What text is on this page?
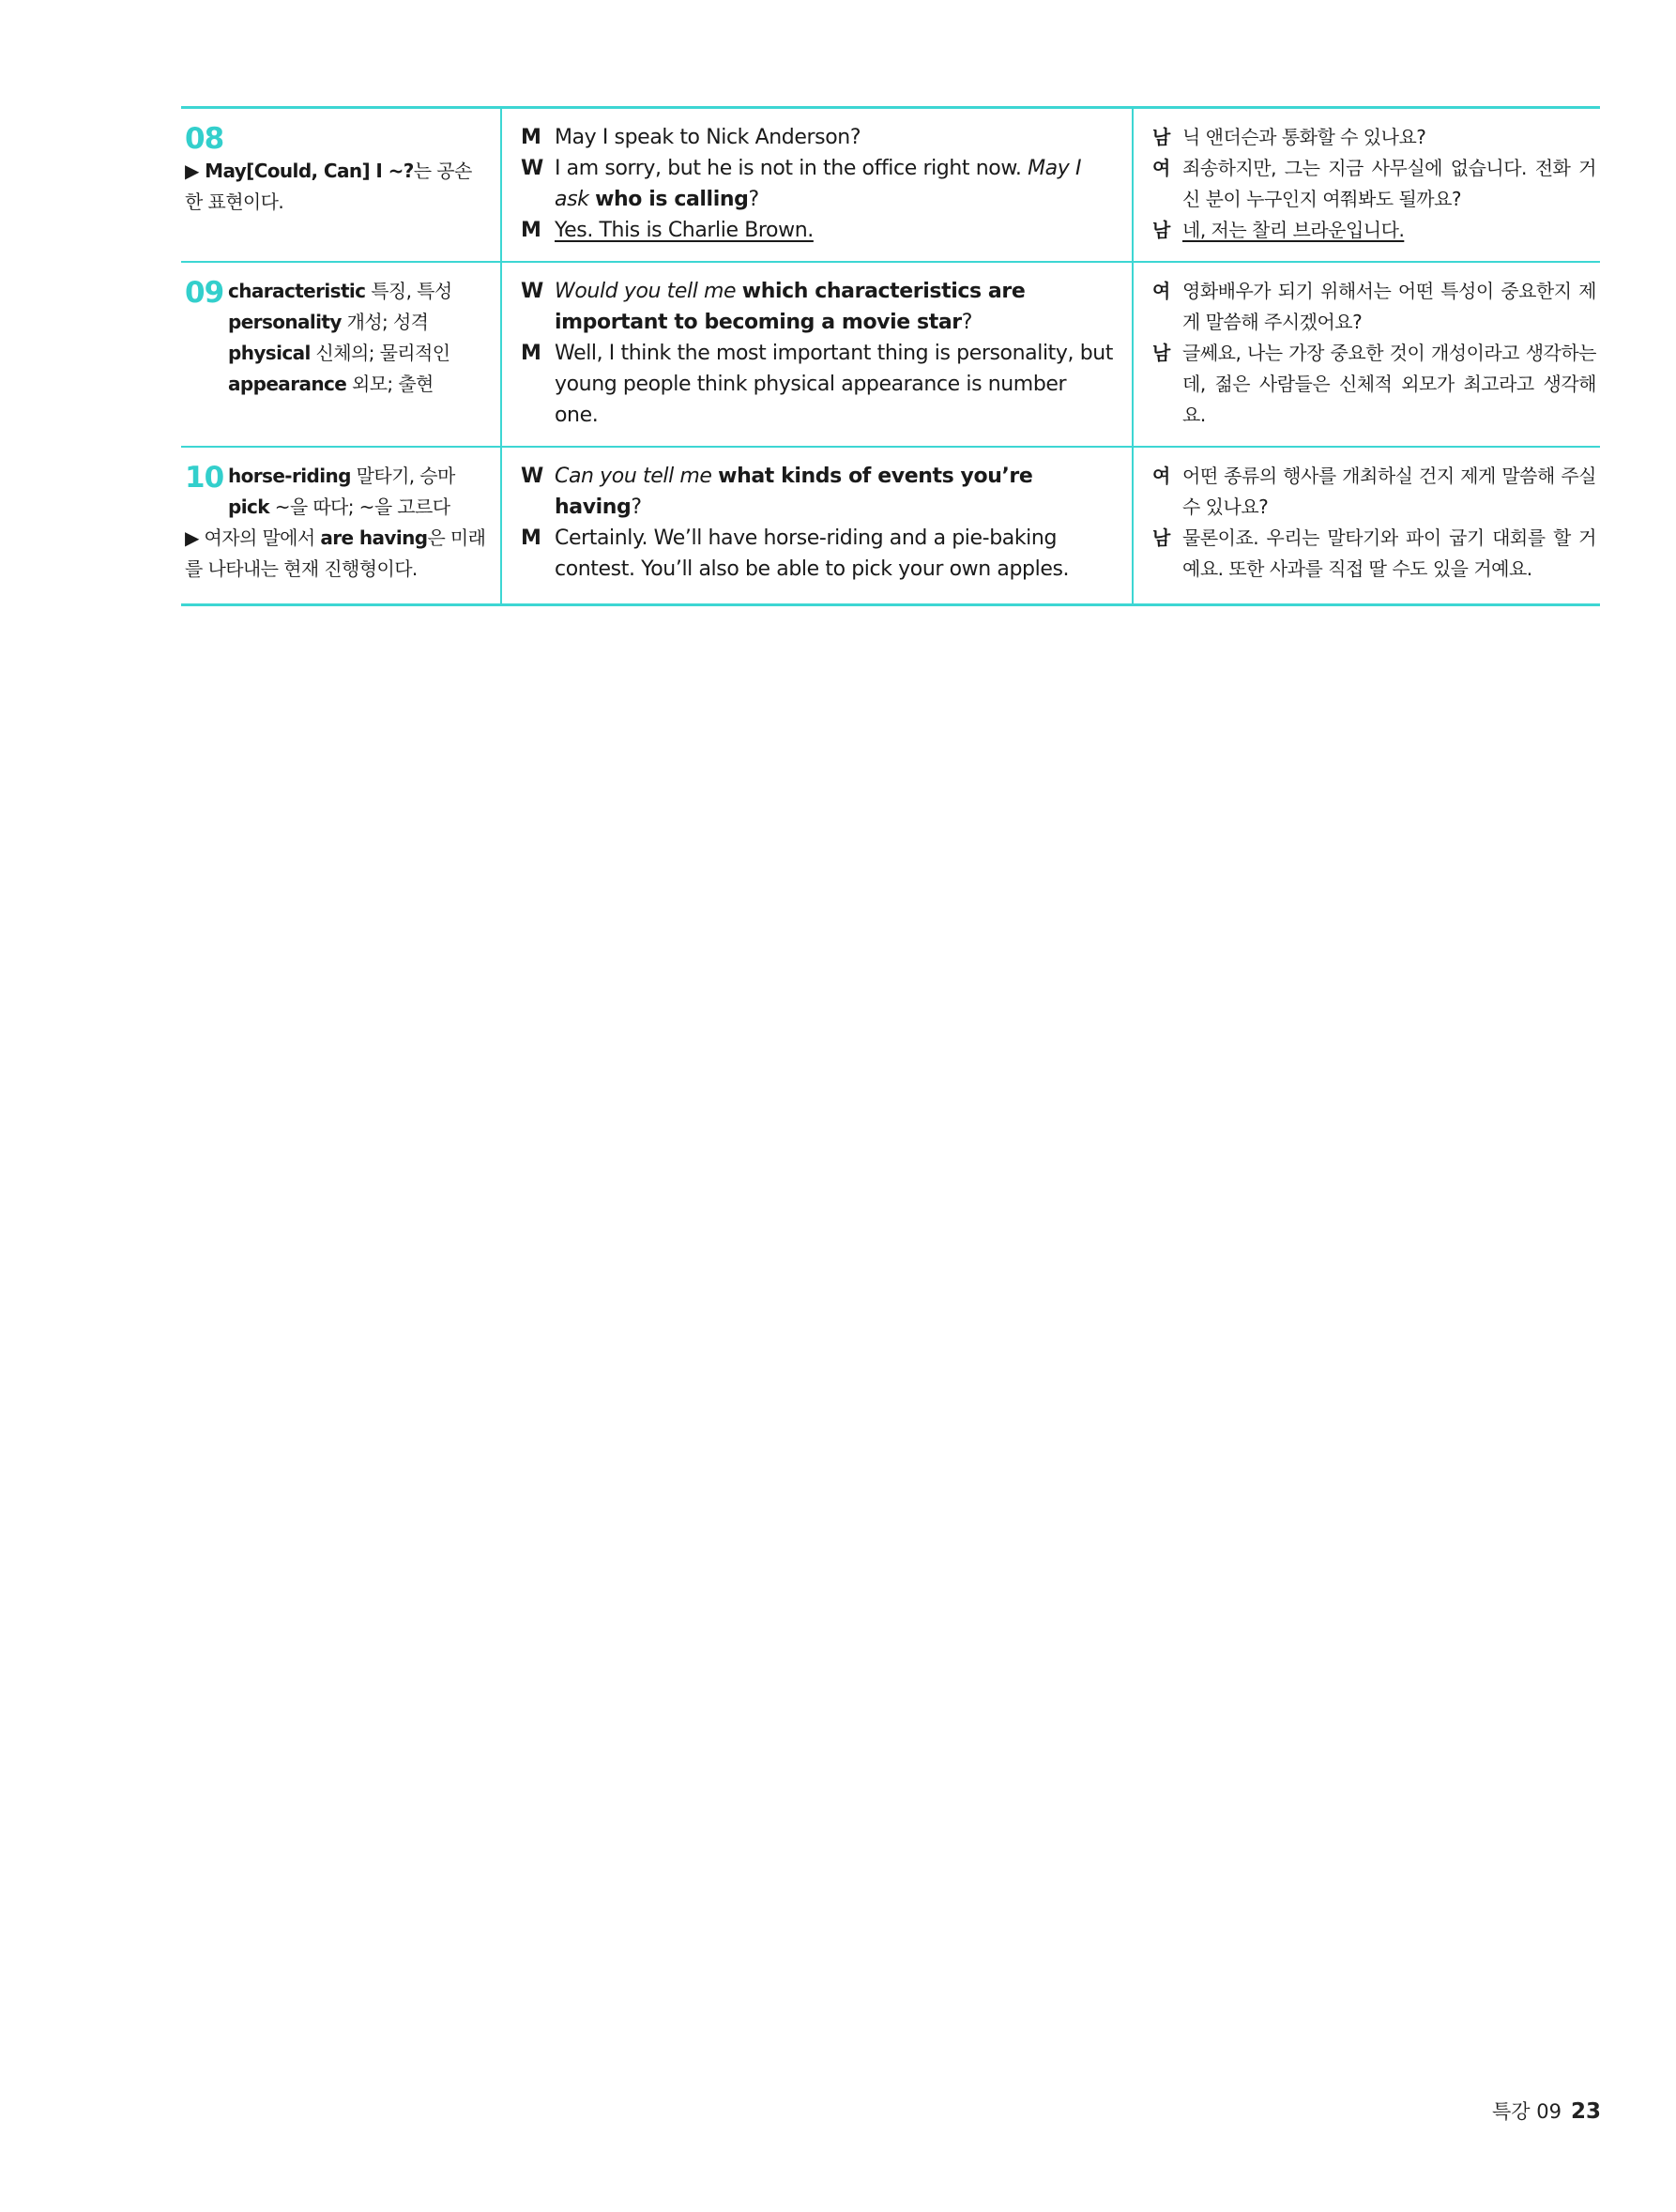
08
▶ May[Could, Can] I ~?는 공손한 표현이다.
M May I speak to Nick Anderson?
W I am sorry, but he is not in the office right now. May I ask who is calling?
M Yes. This is Charlie Brown.
남 닉 앤더슨과 통화할 수 있나요?
여 죄송하지만, 그는 지금 사무실에 없습니다. 전화 거신 분이 누구인지 여쭤봐도 될까요?
남 네, 저는 찰리 브라운입니다.
09 characteristic 특징, 특성
personality 개성; 성격
physical 신체의; 물리적인
appearance 외모; 출현
W Would you tell me which characteristics are important to becoming a movie star?
M Well, I think the most important thing is personality, but young people think physical appearance is number one.
여 영화배우가 되기 위해서는 어떤 특성이 중요한지 제게 말씀해 주시겠어요?
남 글쎄요, 나는 가장 중요한 것이 개성이라고 생각하는데, 젊은 사람들은 신체적 외모가 최고라고 생각해요.
10 horse-riding 말타기, 승마
pick ~을 따다; ~을 고르다
▶ 여자의 말에서 are having은 미래를 나타내는 현재 진행형이다.
W Can you tell me what kinds of events you’re having?
M Certainly. We’ll have horse-riding and a pie-baking contest. You’ll also be able to pick your own apples.
여 어떤 종류의 행사를 개최하실 건지 제게 말씀해 주실 수 있나요?
남 물론이죠. 우리는 말타기와 파이 굽기 대회를 할 거예요. 또한 사과를 직접 딸 수도 있을 거예요.
특강 09 23
